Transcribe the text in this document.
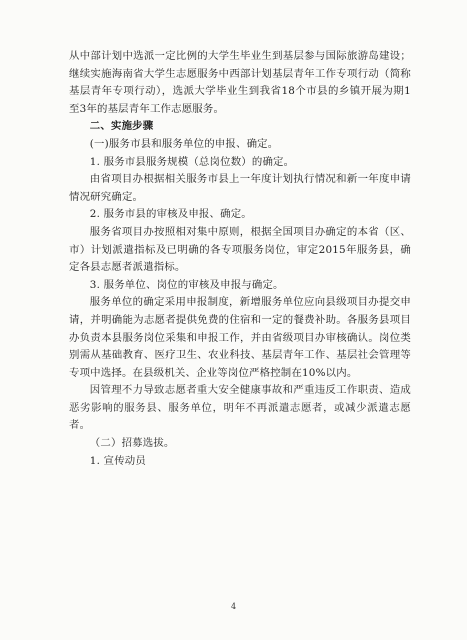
从中部计划中选派一定比例的大学生毕业生到基层参与国际旅游岛建设；继续实施海南省大学生志愿服务中西部计划基层青年工作专项行动（简称基层青年专项行动），选派大学毕业生到我省18个市县的乡镇开展为期1至3年的基层青年工作志愿服务。

二、实施步骤

(一)服务市县和服务单位的申报、确定。

1. 服务市县服务规模（总岗位数）的确定。

由省项目办根据相关服务市县上一年度计划执行情况和新一年度申请情况研究确定。

2. 服务市县的审核及申报、确定。

服务省项目办按照相对集中原则，根据全国项目办确定的本省（区、市）计划派遣指标及已明确的各专项服务岗位，审定2015年服务县，确定各县志愿者派遣指标。

3. 服务单位、岗位的审核及申报与确定。

服务单位的确定采用申报制度，新增服务单位应向县级项目办提交申请，并明确能为志愿者提供免费的住宿和一定的餐费补助。各服务县项目办负责本县服务岗位采集和申报工作，并由省级项目办审核确认。岗位类别需从基础教育、医疗卫生、农业科技、基层青年工作、基层社会管理等专项中选择。在县级机关、企业等岗位严格控制在10%以内。

因管理不力导致志愿者重大安全健康事故和严重违反工作职责、造成恶劣影响的服务县、服务单位，明年不再派遣志愿者，或减少派遣志愿者。

（二）招募选拔。

1. 宣传动员

4
